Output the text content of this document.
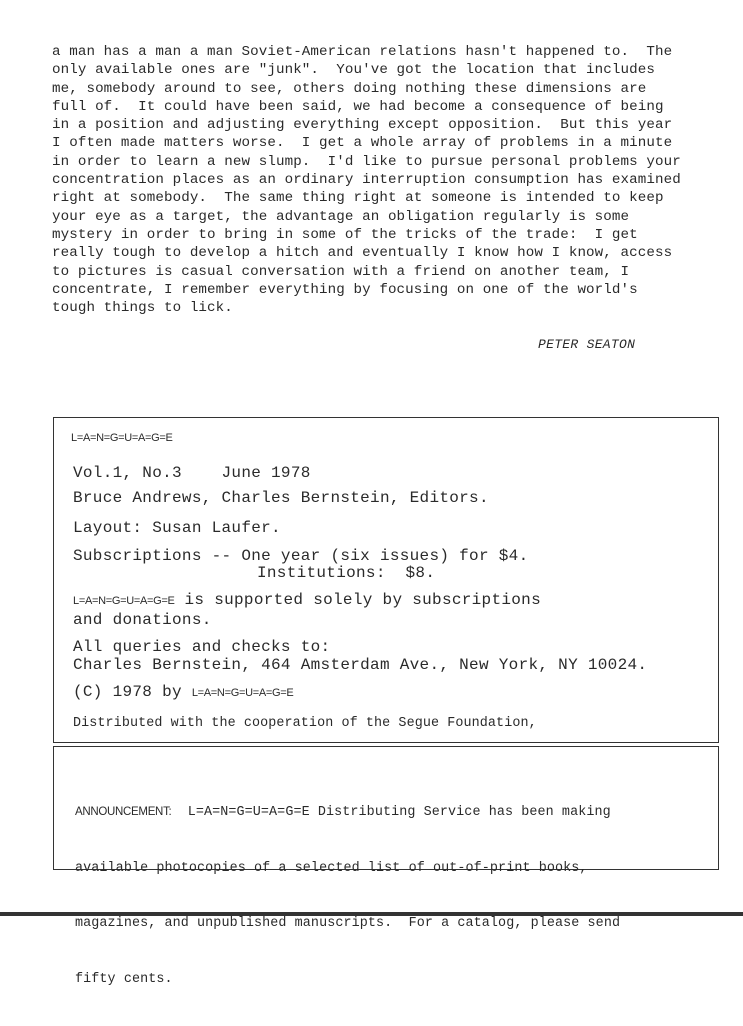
a man has a man a man Soviet-American relations hasn't happened to.  The
only available ones are "junk".  You've got the location that includes
me, somebody around to see, others doing nothing these dimensions are
full of.  It could have been said, we had become a consequence of being
in a position and adjusting everything except opposition.  But this year
I often made matters worse.  I get a whole array of problems in a minute
in order to learn a new slump.  I'd like to pursue personal problems your
concentration places as an ordinary interruption consumption has examined
right at somebody.  The same thing right at someone is intended to keep
your eye as a target, the advantage an obligation regularly is some
mystery in order to bring in some of the tricks of the trade:  I get
really tough to develop a hitch and eventually I know how I know, access
to pictures is casual conversation with a friend on another team, I
concentrate, I remember everything by focusing on one of the world's
tough things to lick.
PETER SEATON
L=A=N=G=U=A=G=E
Vol.1, No.3    June 1978
Bruce Andrews, Charles Bernstein, Editors.
Layout: Susan Laufer.
Subscriptions -- One year (six issues) for $4.
Institutions:  $8.
L=A=N=G=U=A=G=E is supported solely by subscriptions
and donations.
All queries and checks to:
Charles Bernstein, 464 Amsterdam Ave., New York, NY 10024.
(C) 1978 by L=A=N=G=U=A=G=E
Distributed with the cooperation of the Segue Foundation,

ANNOUNCEMENT:  L=A=N=G=U=A=G=E Distributing Service has been making

available photocopies of a selected list of out-of-print books,

magazines, and unpublished manuscripts.  For a catalog, please send

fifty cents.
